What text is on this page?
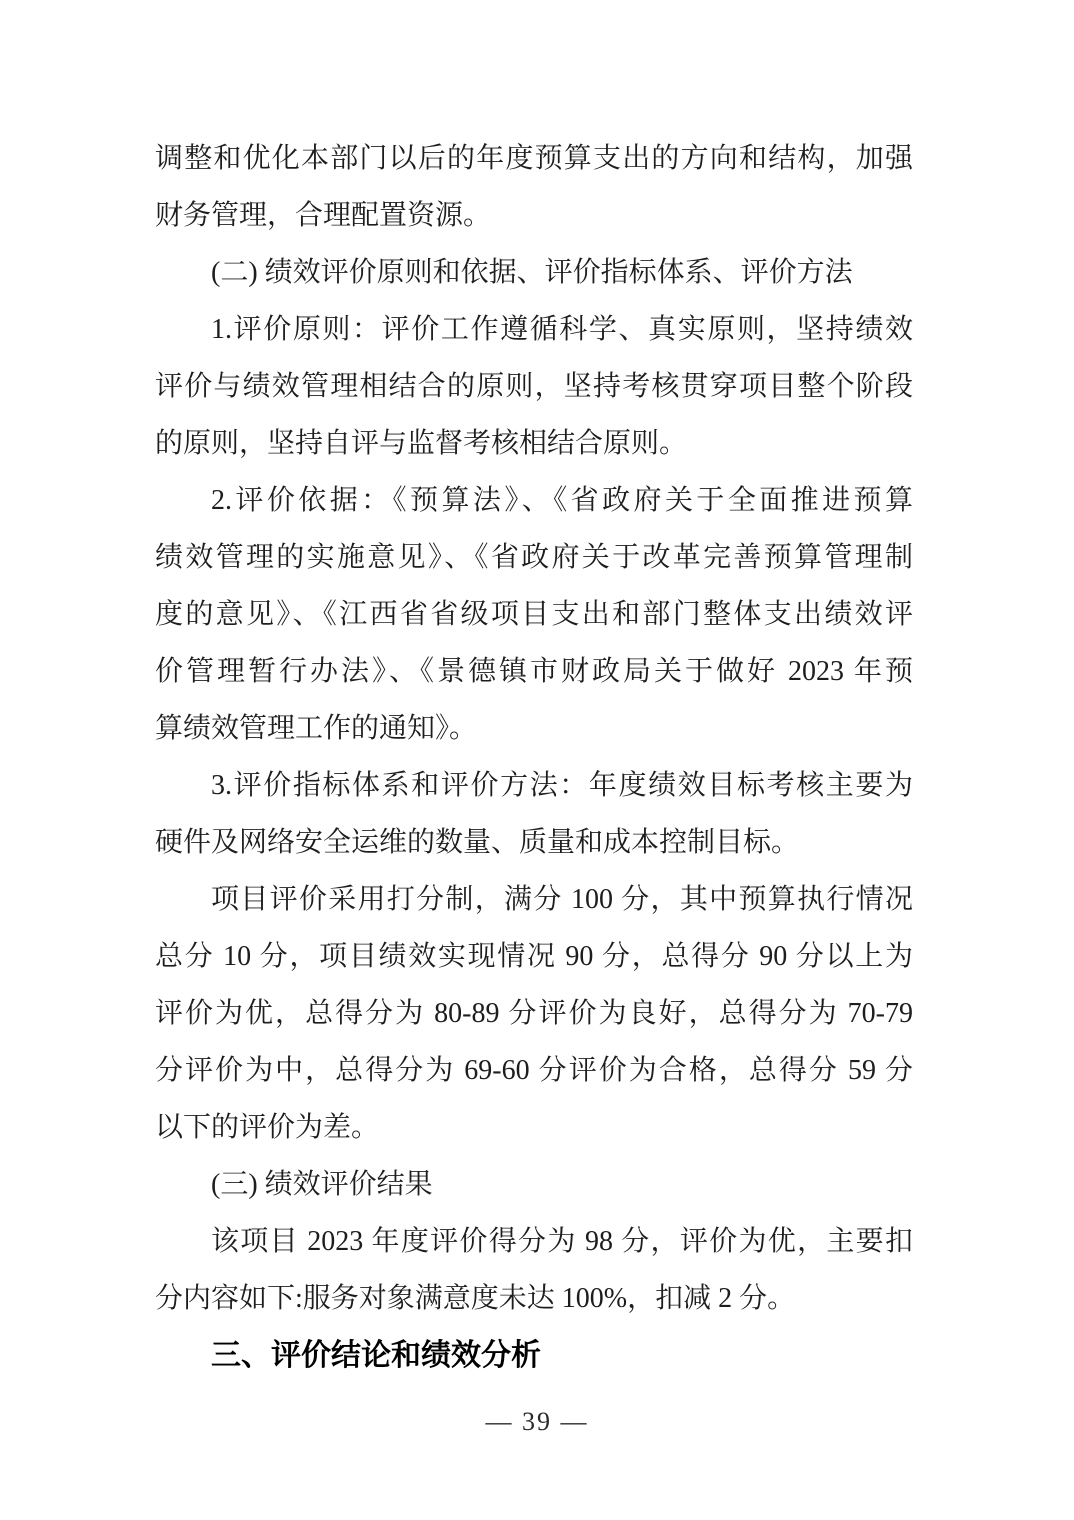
调整和优化本部门以后的年度预算支出的方向和结构，加强
财务管理，合理配置资源。
(二) 绩效评价原则和依据、评价指标体系、评价方法
1.评价原则：评价工作遵循科学、真实原则，坚持绩效
评价与绩效管理相结合的原则，坚持考核贯穿项目整个阶段
的原则，坚持自评与监督考核相结合原则。
2.评价依据：《预算法》、《省政府关于全面推进预算
绩效管理的实施意见》、《省政府关于改革完善预算管理制
度的意见》、《江西省省级项目支出和部门整体支出绩效评
价管理暂行办法》、《景德镇市财政局关于做好 2023 年预
算绩效管理工作的通知》。
3.评价指标体系和评价方法：年度绩效目标考核主要为
硬件及网络安全运维的数量、质量和成本控制目标。
项目评价采用打分制，满分 100 分，其中预算执行情况
总分 10 分，项目绩效实现情况 90 分，总得分 90 分以上为
评价为优，总得分为 80-89 分评价为良好，总得分为 70-79
分评价为中，总得分为 69-60 分评价为合格，总得分 59 分
以下的评价为差。
(三) 绩效评价结果
该项目 2023 年度评价得分为 98 分，评价为优，主要扣
分内容如下:服务对象满意度未达 100%，扣减 2 分。
三、评价结论和绩效分析
— 39 —
